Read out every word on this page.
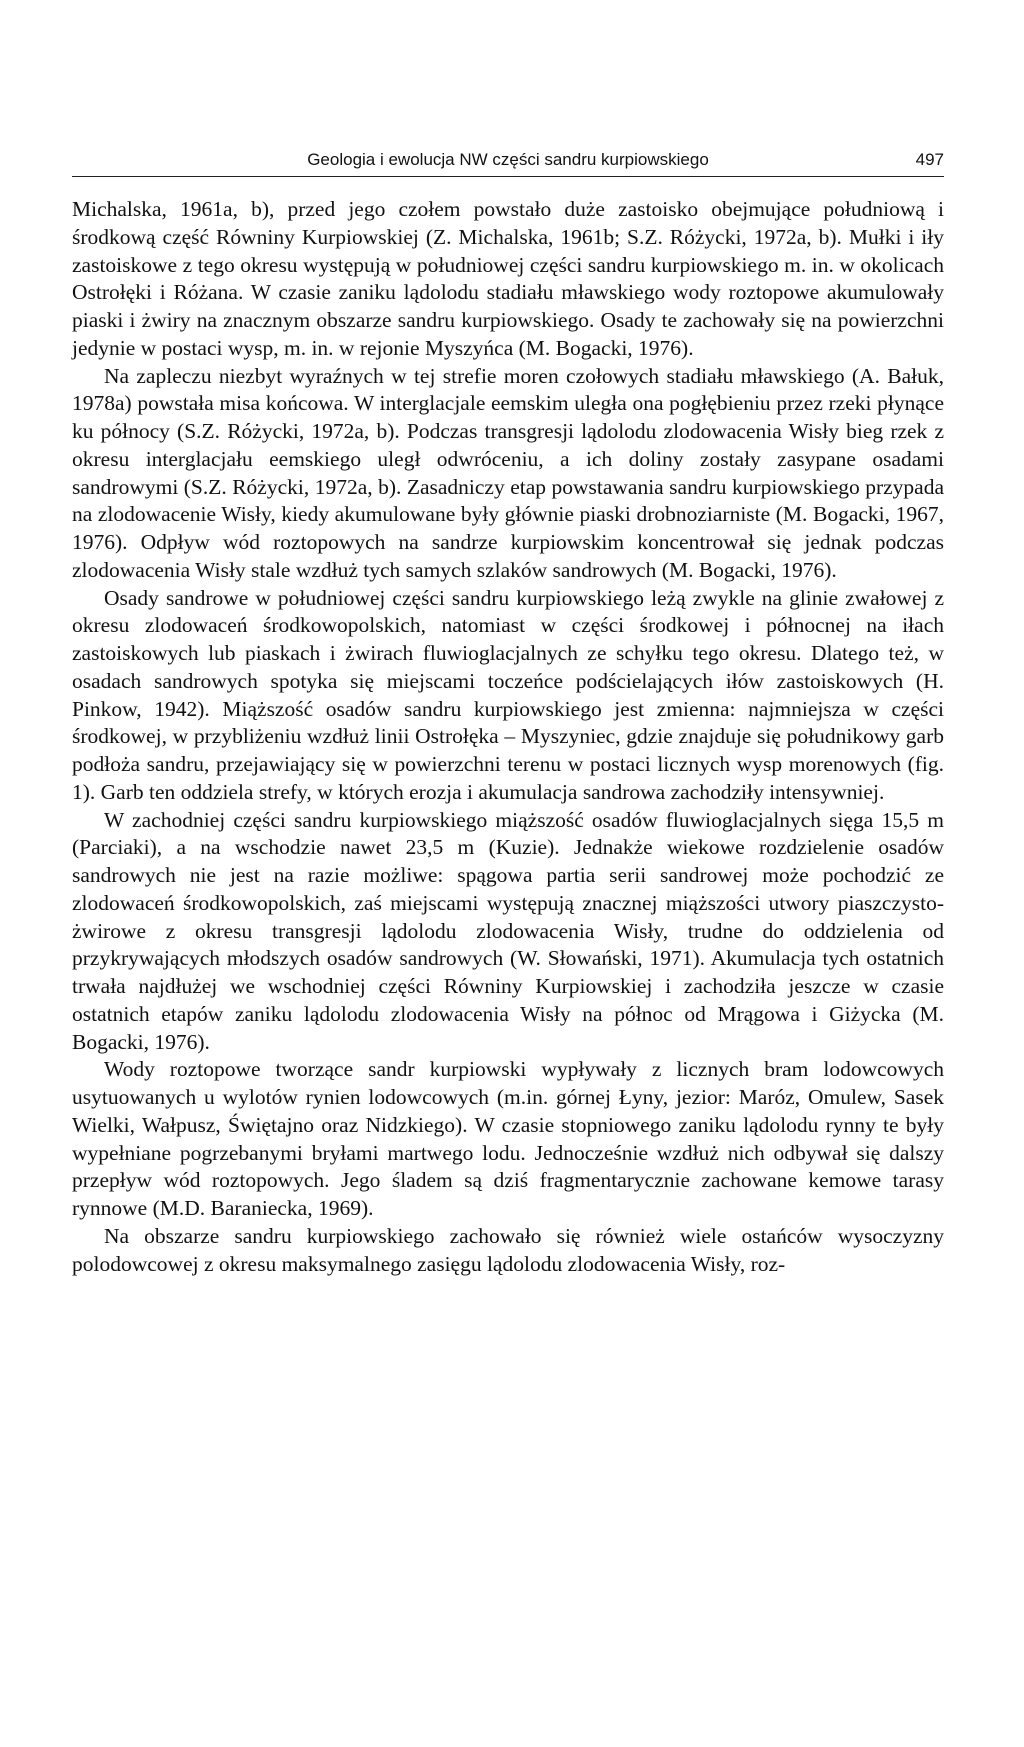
Geologia i ewolucja NW części sandru kurpiowskiego	497

Michalska, 1961a, b), przed jego czołem powstało duże zastoisko obejmujące południową i środkową część Równiny Kurpiowskiej (Z. Michalska, 1961b; S.Z. Różycki, 1972a, b). Mułki i iły zastoiskowe z tego okresu występują w południowej części sandru kurpiowskiego m. in. w okolicach Ostrołęki i Różana. W czasie zaniku lądolodu stadiału mławskiego wody roztopowe akumulowały piaski i żwiry na znacznym obszarze sandru kurpiowskiego. Osady te zachowały się na powierzchni jedynie w postaci wysp, m. in. w rejonie Myszyńca (M. Bogacki, 1976).

Na zapleczu niezbyt wyraźnych w tej strefie moren czołowych stadiału mławskiego (A. Bałuk, 1978a) powstała misa końcowa. W interglacjale eemskim uległa ona pogłębieniu przez rzeki płynące ku północy (S.Z. Różycki, 1972a, b). Podczas transgresji lądolodu zlodowacenia Wisły bieg rzek z okresu interglacjału eemskiego uległ odwróceniu, a ich doliny zostały zasypane osadami sandrowymi (S.Z. Różycki, 1972a, b). Zasadniczy etap powstawania sandru kurpiowskiego przypada na zlodowacenie Wisły, kiedy akumulowane były głównie piaski drobnoziarniste (M. Bogacki, 1967, 1976). Odpływ wód roztopowych na sandrze kurpiowskim koncentrował się jednak podczas zlodowacenia Wisły stale wzdłuż tych samych szlaków sandrowych (M. Bogacki, 1976).

Osady sandrowe w południowej części sandru kurpiowskiego leżą zwykle na glinie zwałowej z okresu zlodowaceń środkowopolskich, natomiast w części środkowej i północnej na iłach zastoiskowych lub piaskach i żwirach fluwioglacjalnych ze schyłku tego okresu. Dlatego też, w osadach sandrowych spotyka się miejscami toczeńce podścielających iłów zastoiskowych (H. Pinkow, 1942). Miąższość osadów sandru kurpiowskiego jest zmienna: najmniejsza w części środkowej, w przybliżeniu wzdłuż linii Ostrołęka – Myszyniec, gdzie znajduje się południkowy garb podłoża sandru, przejawiający się w powierzchni terenu w postaci licznych wysp morenowych (fig. 1). Garb ten oddziela strefy, w których erozja i akumulacja sandrowa zachodziły intensywniej.

W zachodniej części sandru kurpiowskiego miąższość osadów fluwioglacjalnych sięga 15,5 m (Parciaki), a na wschodzie nawet 23,5 m (Kuzie). Jednakże wiekowe rozdzielenie osadów sandrowych nie jest na razie możliwe: spągowa partia serii sandrowej może pochodzić ze zlodowaceń środkowopolskich, zaś miejscami występują znacznej miąższości utwory piaszczysto-żwirowe z okresu transgresji lądolodu zlodowacenia Wisły, trudne do oddzielenia od przykrywających młodszych osadów sandrowych (W. Słowański, 1971). Akumulacja tych ostatnich trwała najdłużej we wschodniej części Równiny Kurpiowskiej i zachodziła jeszcze w czasie ostatnich etapów zaniku lądolodu zlodowacenia Wisły na północ od Mrągowa i Giżycka (M. Bogacki, 1976).

Wody roztopowe tworzące sandr kurpiowski wypływały z licznych bram lodowcowych usytuowanych u wylotów rynien lodowcowych (m.in. górnej Łyny, jezior: Maróz, Omulew, Sasek Wielki, Wałpusz, Świętajno oraz Nidzkiego). W czasie stopniowego zaniku lądolodu rynny te były wypełniane pogrzebanymi bryłami martwego lodu. Jednocześnie wzdłuż nich odbywał się dalszy przepływ wód roztopowych. Jego śladem są dziś fragmentarycznie zachowane kemowe tarasy rynnowe (M.D. Baraniecka, 1969).

Na obszarze sandru kurpiowskiego zachowało się również wiele ostańców wysoczyzny polodowcowej z okresu maksymalnego zasięgu lądolodu zlodowacenia Wisły, roz-
